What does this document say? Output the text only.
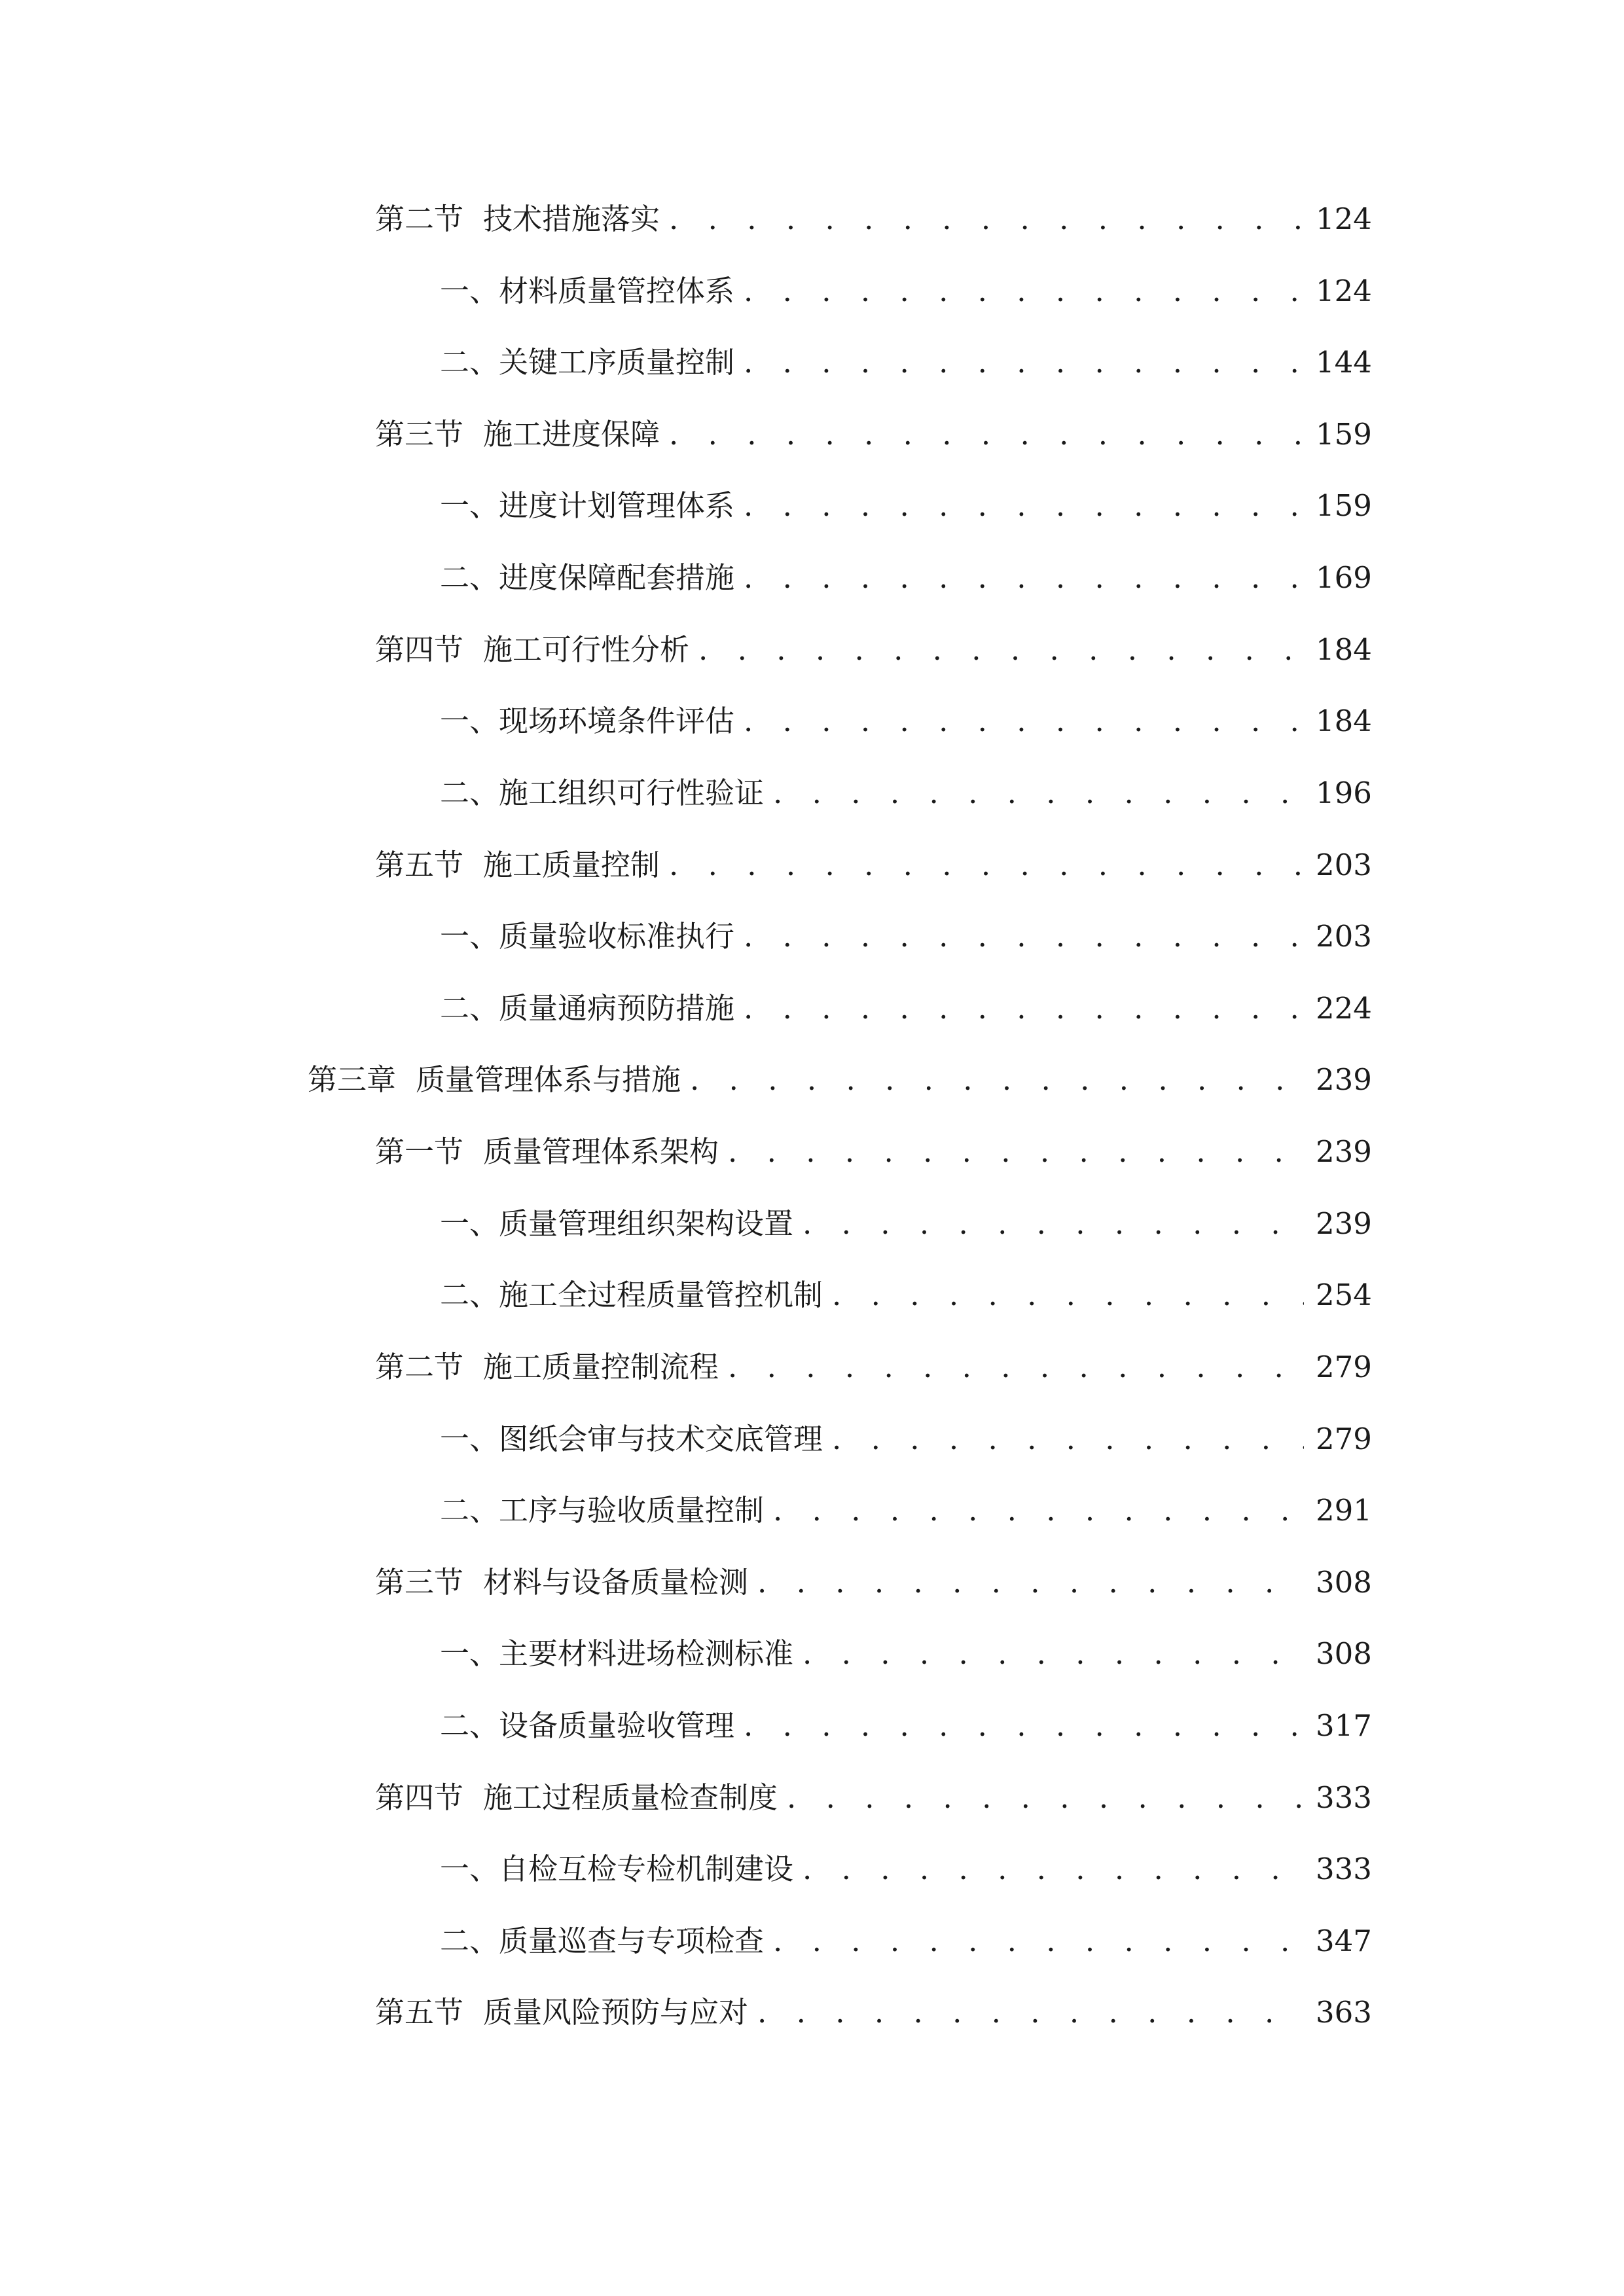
第二节 技术措施落实 . . .	124
一、 材料质量管控体系 . . .	124
二、 关键工序质量控制 . . .	144
第三节 施工进度保障 . . .	159
一、 进度计划管理体系 . . .	159
二、 进度保障配套措施 . . .	169
第四节 施工可行性分析 . . .	184
一、 现场环境条件评估 . . .	184
二、 施工组织可行性验证 . . .	196
第五节 施工质量控制 . . .	203
一、 质量验收标准执行 . . .	203
二、 质量通病预防措施 . . .	224
第三章 质量管理体系与措施 . . .	239
第一节 质量管理体系架构 . . .	239
一、 质量管理组织架构设置 . . .	239
二、 施工全过程质量管控机制 . . .	254
第二节 施工质量控制流程 . . .	279
一、 图纸会审与技术交底管理 . . .	279
二、 工序与验收质量控制 . . .	291
第三节 材料与设备质量检测 . . .	308
一、 主要材料进场检测标准 . . .	308
二、 设备质量验收管理 . . .	317
第四节 施工过程质量检查制度 . . .	333
一、 自检互检专检机制建设 . . .	333
二、 质量巡查与专项检查 . . .	347
第五节 质量风险预防与应对 . . .	363
